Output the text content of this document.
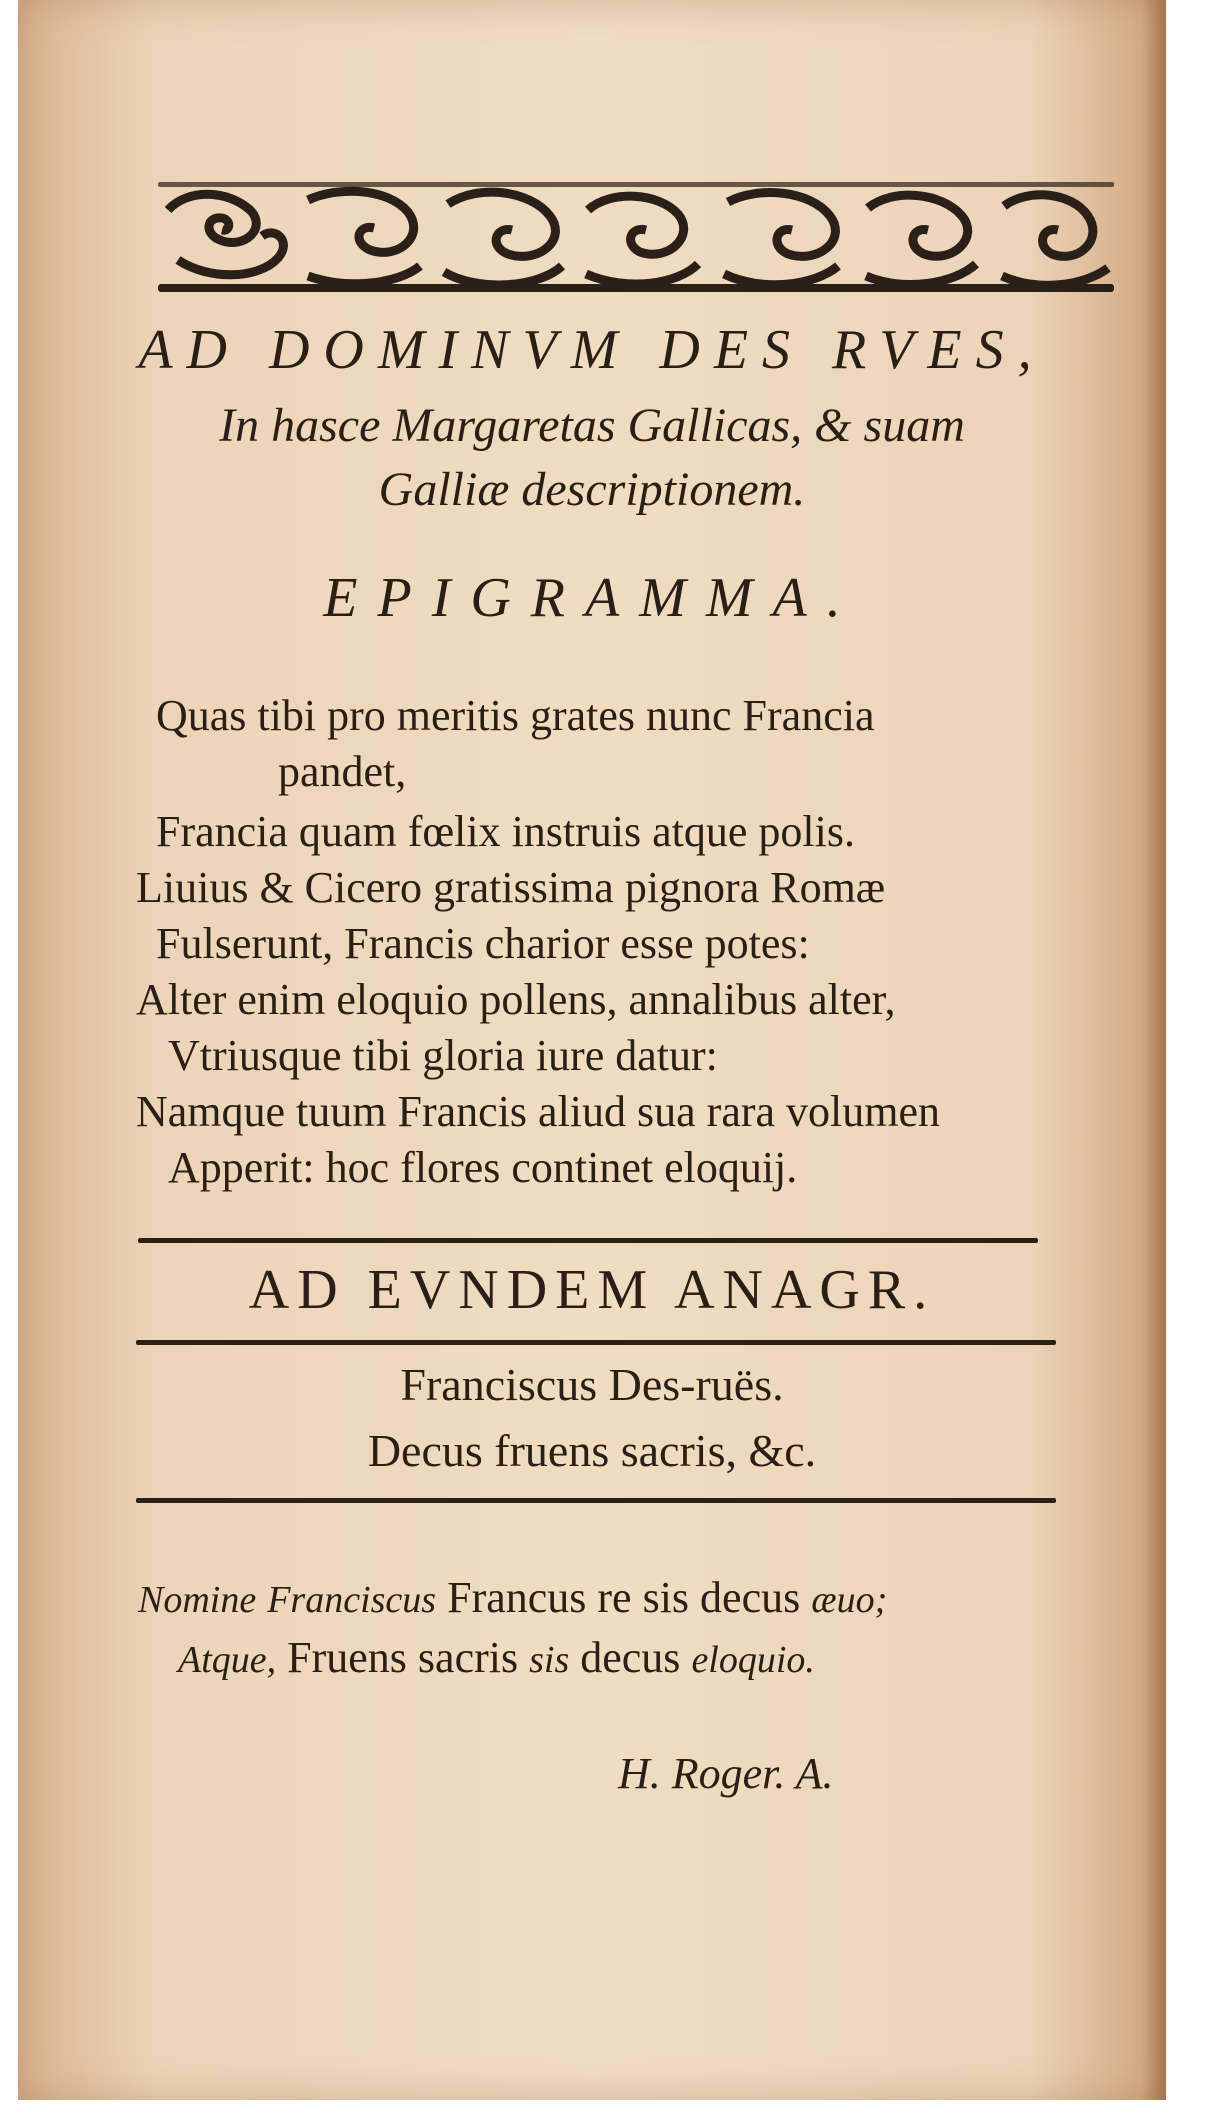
AD DOMINVM DES RVES,
In hasce Margaretas Gallicas, & suam
Galliæ descriptionem.
EPIGRAMMA.
Quas tibi pro meritis grates nunc Francia
pandet,
Francia quam fœlix instruis atque polis.
Liuius & Cicero gratissima pignora Romæ
Fulserunt, Francis charior esse potes:
Alter enim eloquio pollens, annalibus alter,
Vtriusque tibi gloria iure datur:
Namque tuum Francis aliud sua rara volumen
Apperit: hoc flores continet eloquij.
AD EVNDEM ANAGR.
Franciscus Des-ruës.
Decus fruens sacris, &c.
Nomine Franciscus Francus re sis decus æuo;
Atque, Fruens sacris sis decus eloquio.
H. Roger. A.
